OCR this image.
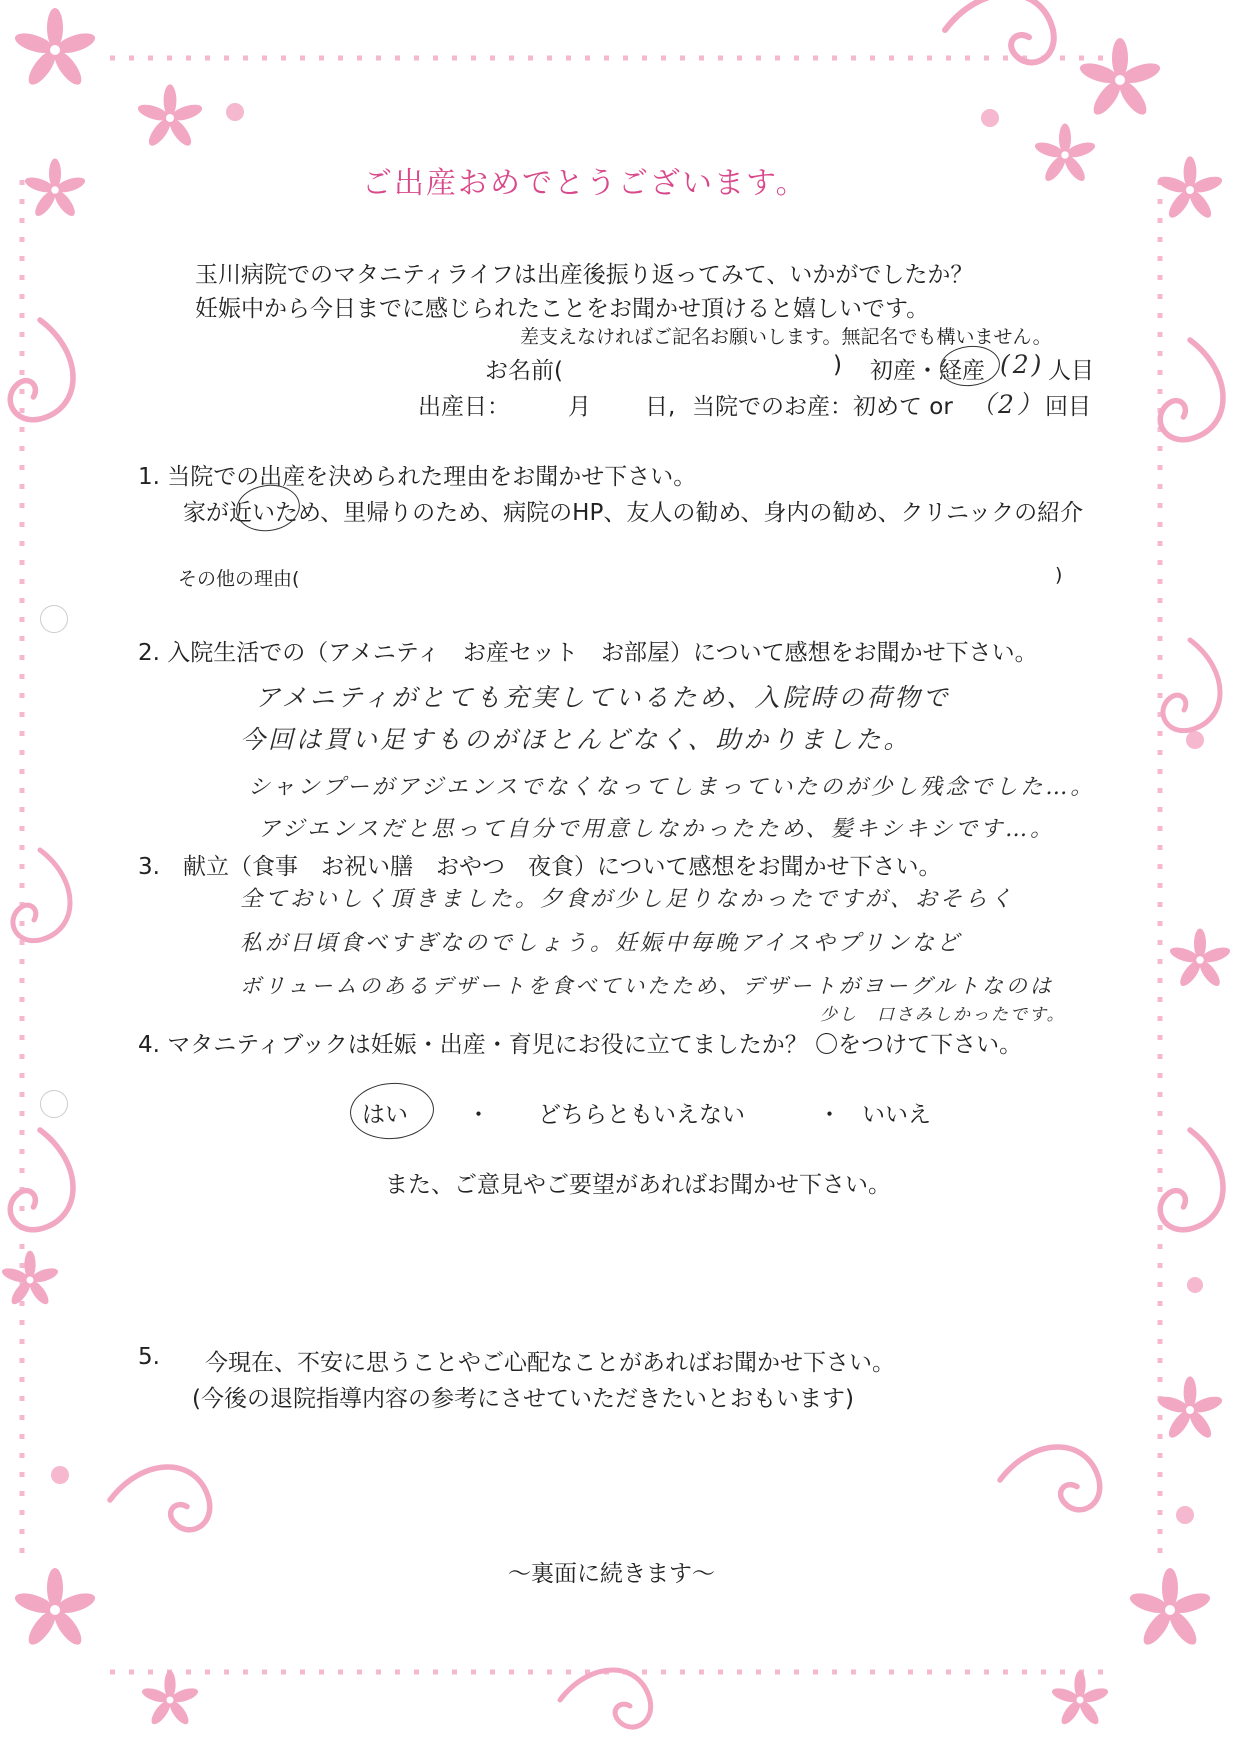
ご出産おめでとうございます。
玉川病院でのマタニティライフは出産後振り返ってみて、いかがでしたか？
妊娠中から今日までに感じられたことをお聞かせ頂けると嬉しいです。
差支えなければご記名お願いします。無記名でも構いません。
お名前(	) 初産・経産 (2) 人目
出産日：	月 日, 当院でのお産：初めて or （2） 回目
1. 当院での出産を決められた理由をお聞かせ下さい。
家が近いため、里帰りのため、病院のHP、友人の勧め、身内の勧め、クリニックの紹介
その他の理由(	)
2. 入院生活での（アメニティ　お産セット　お部屋）について感想をお聞かせ下さい。
アメニティがとても充実しているため、入院時の荷物で
今回は買い足すものがほとんどなく、助かりました。
シャンプーがアジエンスでなくなってしまっていたのが少し残念でした…。
アジエンスだと思って自分で用意しなかったため、髪キシキシです…。
3.　献立（食事　お祝い膳　おやつ　夜食）について感想をお聞かせ下さい。
全ておいしく頂きました。夕食が少し足りなかったですが、おそらく
私が日頃食べすぎなのでしょう。妊娠中毎晩アイスやプリンなど
ボリュームのあるデザートを食べていたため、デザートがヨーグルトなのは
少し　口さみしかったです。
4. マタニティブックは妊娠・出産・育児にお役に立てましたか？ 〇をつけて下さい。
はい	・ どちらともいえない	・ いいえ
また、ご意見やご要望があればお聞かせ下さい。
5. 今現在、不安に思うことやご心配なことがあればお聞かせ下さい。
(今後の退院指導内容の参考にさせていただきたいとおもいます)
～裏面に続きます～
